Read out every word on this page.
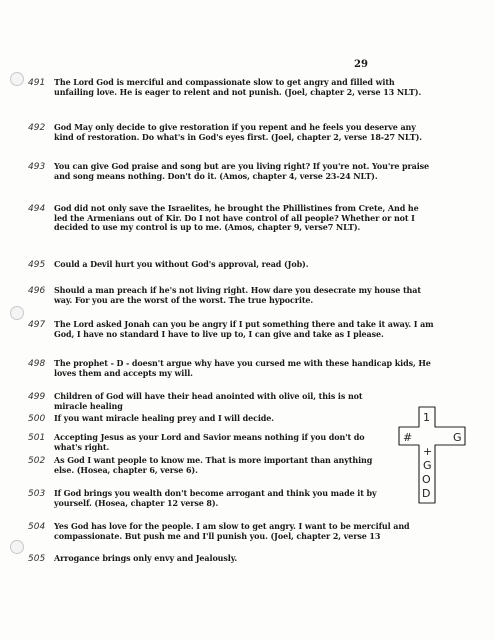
29
491	The Lord God is merciful and compassionate slow to get angry and filled with unfailing love. He is eager to relent and not punish. (Joel, chapter 2, verse 13 NLT).
492	God May only decide to give restoration if you repent and he feels you deserve any kind of restoration. Do what's in God's eyes first. (Joel, chapter 2, verse 18-27 NLT).
493	You can give God praise and song but are you living right? If you're not. You're praise and song means nothing. Don't do it. (Amos, chapter 4, verse 23-24 NLT).
494	God did not only save the Israelites, he brought the Phillistines from Crete, And he led the Armenians out of Kir. Do I not have control of all people? Whether or not I decided to use my control is up to me. (Amos, chapter 9, verse7 NLT).
495	Could a Devil hurt you without God's approval, read (Job).
496	Should a man preach if he's not living right. How dare you desecrate my house that way. For you are the worst of the worst. The true hypocrite.
497	The Lord asked Jonah can you be angry if I put something there and take it away. I am God, I have no standard I have to live up to, I can give and take as I please.
498	The prophet - D - doesn't argue why have you cursed me with these handicap kids, He loves them and accepts my will.
499	Children of God will have their head anointed with olive oil, this is not miracle healing
500	If you want miracle healing prey and I will decide.
501	Accepting Jesus as your Lord and Savior means nothing if you don't do what's right.
502	As God I want people to know me. That is more important than anything else. (Hosea, chapter 6, verse 6).
503	If God brings you wealth don't become arrogant and think you made it by yourself. (Hosea, chapter 12 verse 8).
504	Yes God has love for the people. I am slow to get angry. I want to be merciful and compassionate. But push me and I'll punish you. (Joel, chapter 2, verse 13
505	Arrogance brings only envy and Jealously.
#
1
G
+
G
O
D
